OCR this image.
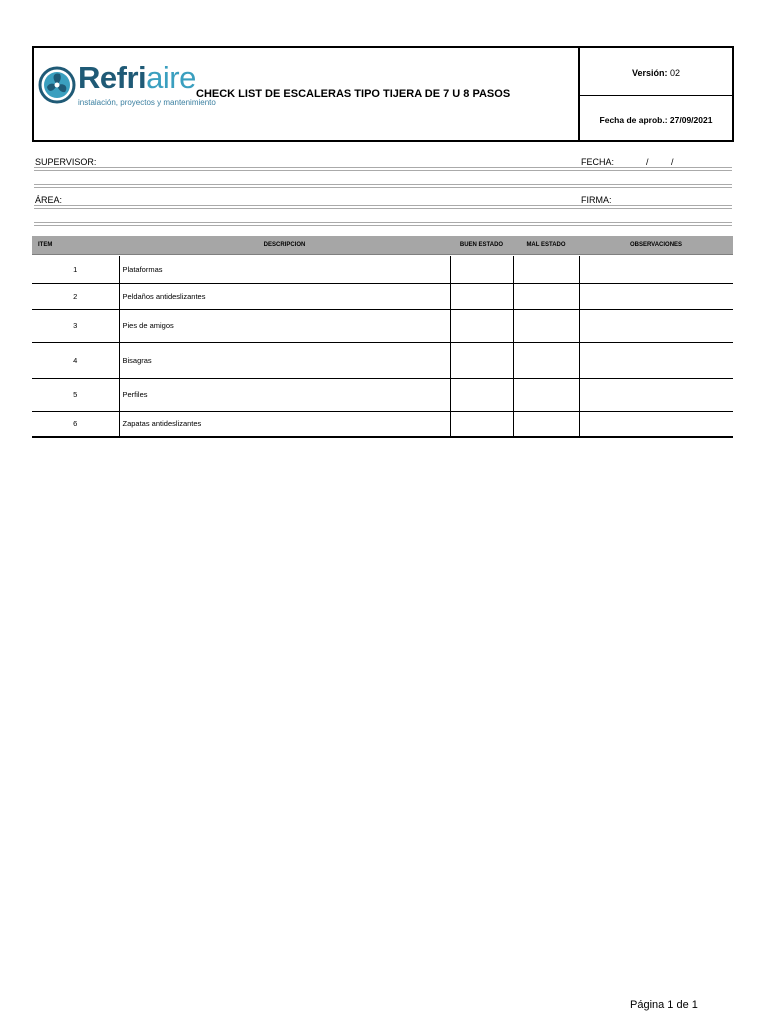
Refriaire
instalación, proyectos y mantenimiento
CHECK LIST DE ESCALERAS TIPO TIJERA DE 7 U 8 PASOS
Versión: 02
Fecha de aprob.: 27/09/2021
SUPERVISOR:	FECHA:	/ /
ÁREA:	FIRMA:
ITEM	DESCRIPCION	BUEN ESTADO	MAL ESTADO	OBSERVACIONES

1	Plataformas			
2	Peldaños antideslizantes			
3	Pies de amigos			
4	Bisagras			
5	Perfiles			
6	Zapatas antideslizantes			
Página 1 de 1
